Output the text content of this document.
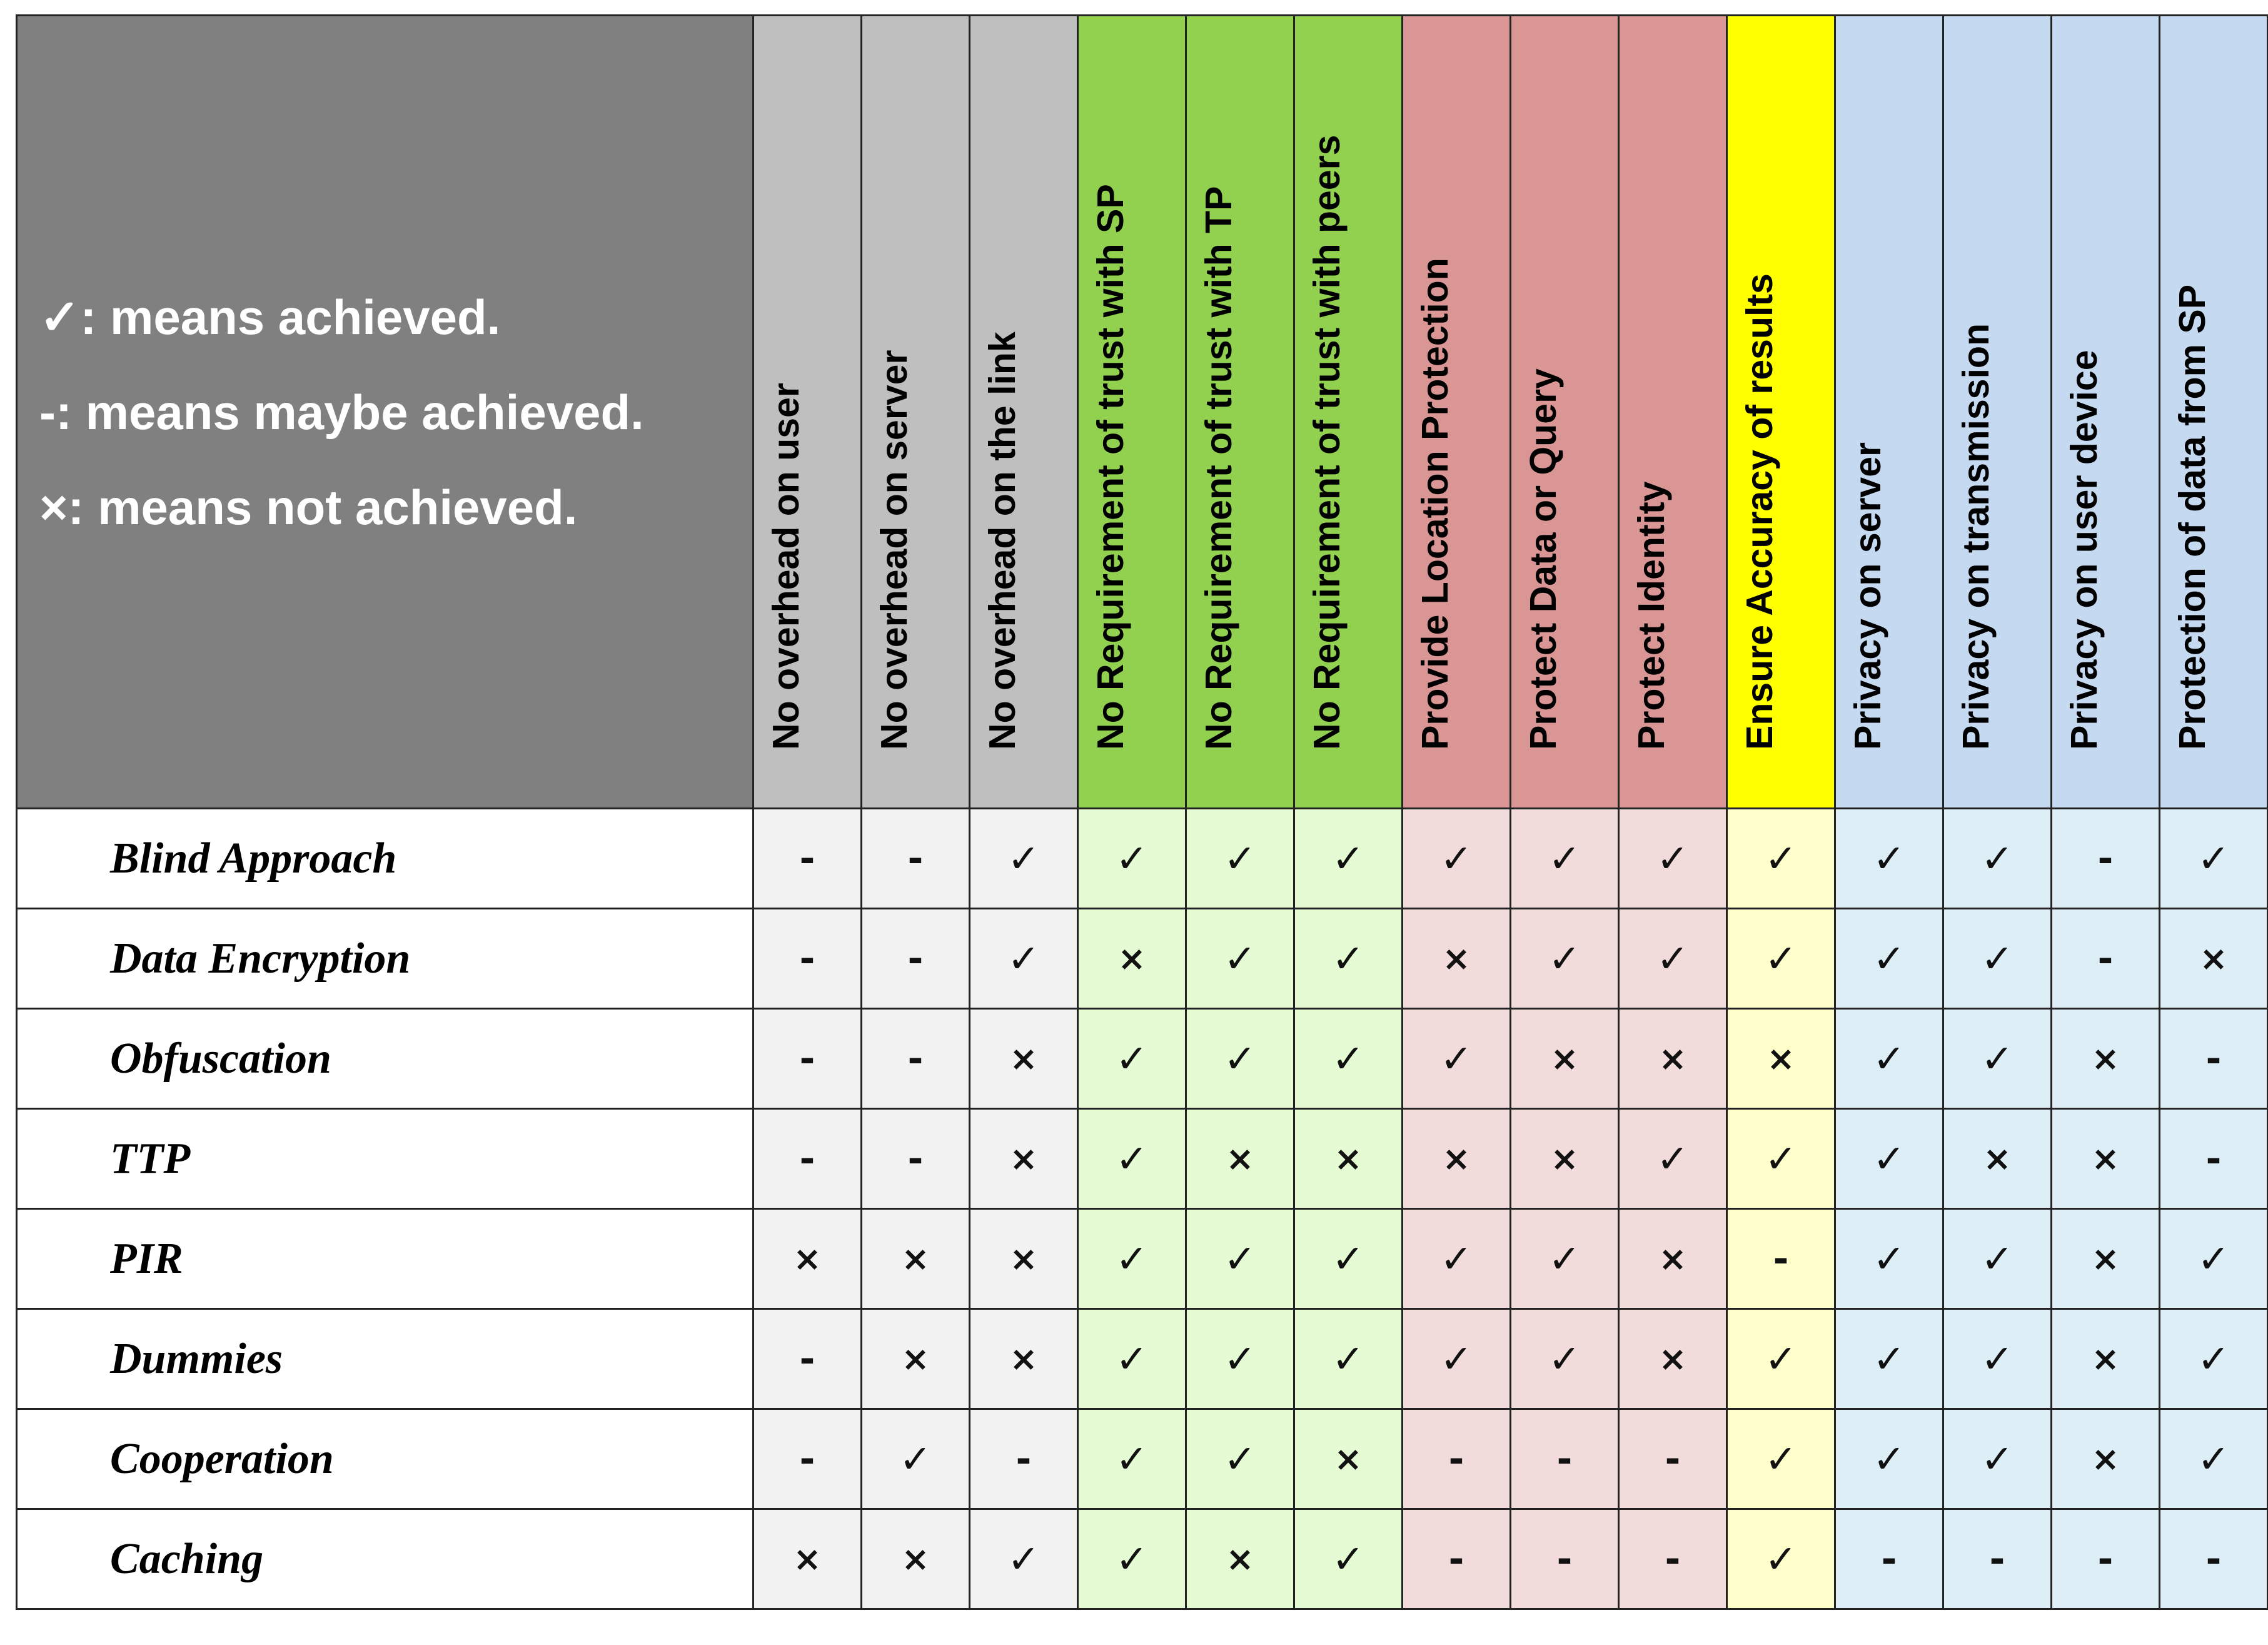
✓: means achieved.
-: means maybe achieved.
×: means not achieved.	No overhead on user	No overhead on server	No overhead on the link	No Requirement of trust with SP	No Requirement of trust with TP	No Requirement of trust with peers	Provide Location Protection	Protect Data or Query	Protect Identity	Ensure Accuracy of results	Privacy on server	Privacy on transmission	Privacy on user device	Protection of data from SP

Blind Approach	-	-	✓	✓	✓	✓	✓	✓	✓	✓	✓	✓	-	✓
Data Encryption	-	-	✓	×	✓	✓	×	✓	✓	✓	✓	✓	-	×
Obfuscation	-	-	×	✓	✓	✓	✓	×	×	×	✓	✓	×	-
TTP	-	-	×	✓	×	×	×	×	✓	✓	✓	×	×	-
PIR	×	×	×	✓	✓	✓	✓	✓	×	-	✓	✓	×	✓
Dummies	-	×	×	✓	✓	✓	✓	✓	×	✓	✓	✓	×	✓
Cooperation	-	✓	-	✓	✓	×	-	-	-	✓	✓	✓	×	✓
Caching	×	×	✓	✓	×	✓	-	-	-	✓	-	-	-	-
